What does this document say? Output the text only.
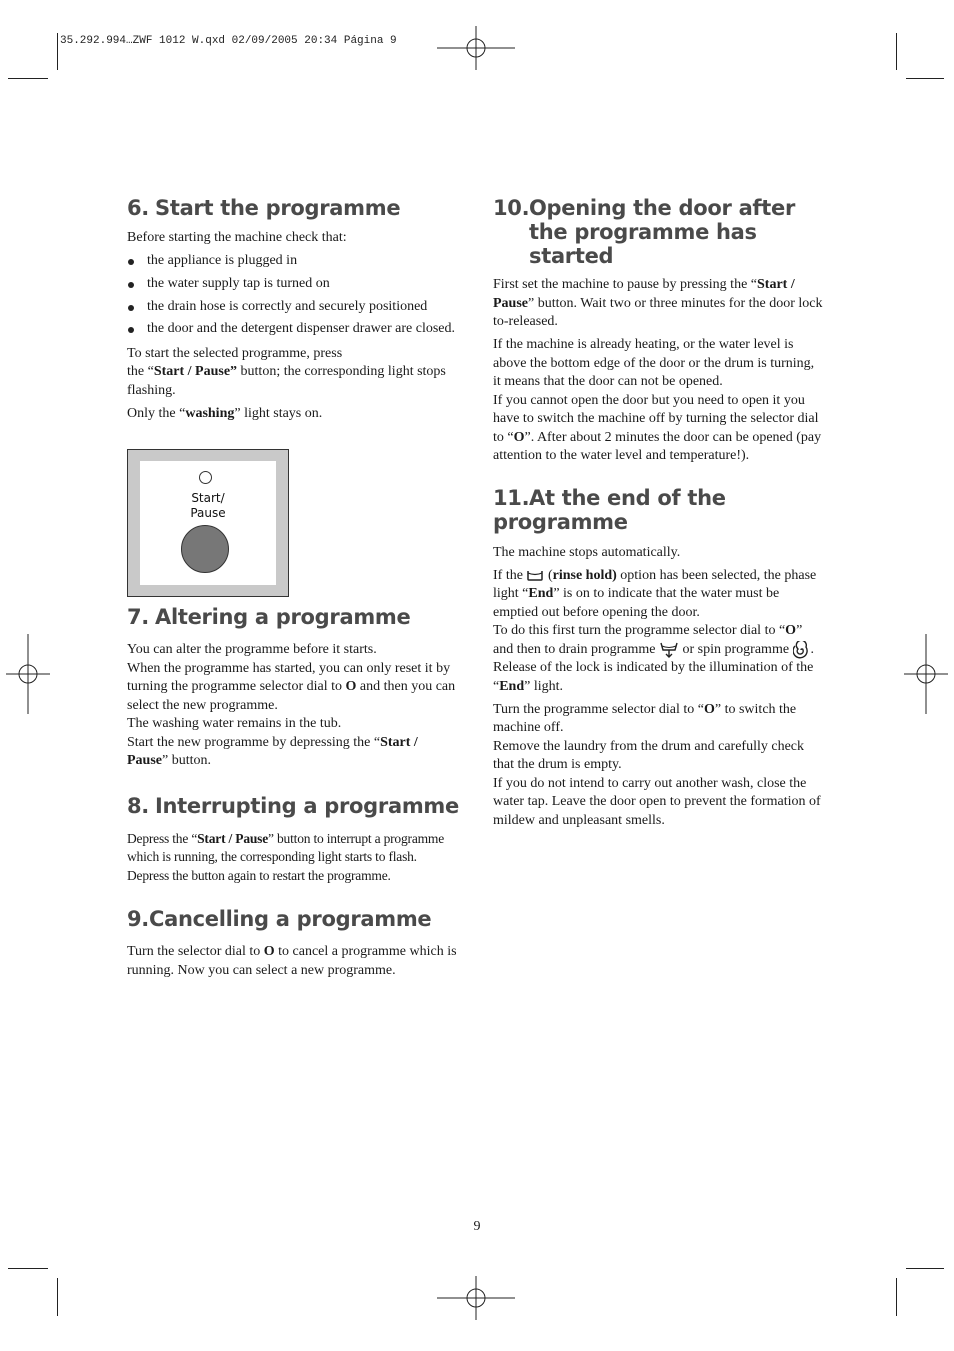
35.292.994…ZWF 1012 W.qxd 02/09/2005 20:34 Página 9
6. Start the programme

Before starting the machine check that:

the appliance is plugged in
the water supply tap is turned on
the drain hose is correctly and securely positioned
the door and the detergent dispenser drawer are closed.

To start the selected programme, press
the “Start / Pause” button; the corresponding light stops flashing.

Only the “washing” light stays on.

Start/
Pause
7. Altering a programme

You can alter the programme before it starts.
When the programme has started, you can only reset it by turning the programme selector dial to O and then you can select the new programme.
The washing water remains in the tub.
Start the new programme by depressing the “Start / Pause” button.

8. Interrupting a programme

Depress the “Start / Pause” button to interrupt a programme which is running, the corresponding light starts to flash. Depress the button again to restart the programme.

9.Cancelling a programme

Turn the selector dial to O to cancel a programme which is running. Now you can select a new programme.

10. Opening the door after the programme has started

First set the machine to pause by pressing the “Start / Pause” button. Wait two or three minutes for the door lock to-released.

If the machine is already heating, or the water level is above the bottom edge of the door or the drum is turning, it means that the door can not be opened.
If you cannot open the door but you need to open it you have to switch the machine off by turning the selector dial to “O”. After about 2 minutes the door can be opened (pay attention to the water level and temperature!).

11.At the end of the programme

The machine stops automatically.

If the  (rinse hold) option has been selected, the phase light “End” is on to indicate that the water must be emptied out before opening the door.
To do this first turn the programme selector dial to “O” and then to drain programme  or spin programme . Release of the lock is indicated by the illumination of the “End” light.

Turn the programme selector dial to “O” to switch the machine off.
Remove the laundry from the drum and carefully check that the drum is empty.
If you do not intend to carry out another wash, close the water tap. Leave the door open to prevent the formation of mildew and unpleasant smells.

9
